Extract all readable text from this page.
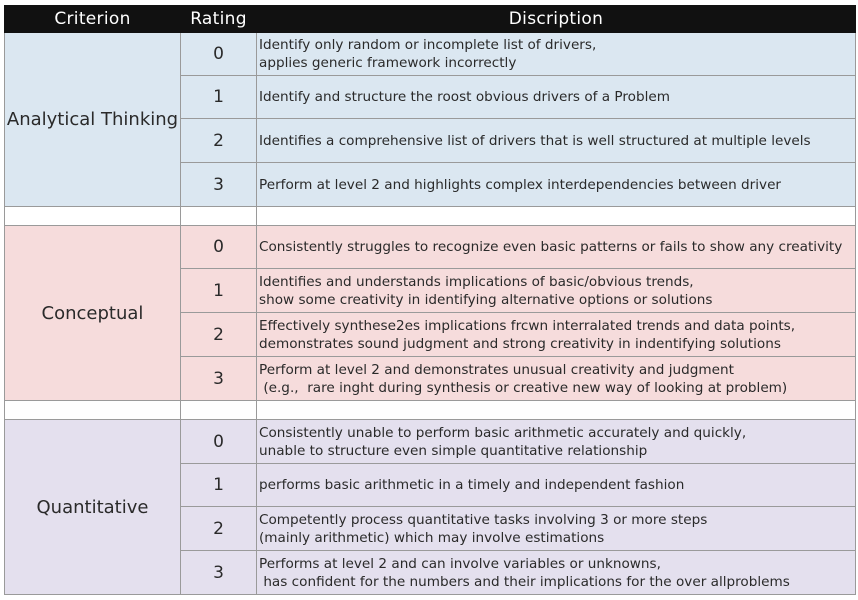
Criterion	Rating	Discription
Analytical Thinking	0	Identify only random or incomplete list of drivers,
applies generic framework incorrectly

	1	Identify and structure the roost obvious drivers of a Problem

	2	Identifies a comprehensive list of drivers that is well structured at multiple levels

	3	Perform at level 2 and highlights complex interdependencies between driver

Conceptual	0	Consistently struggles to recognize even basic patterns or fails to show any creativity

	1	Identifies and understands implications of basic/obvious trends,
show some creativity in identifying alternative options or solutions

	2	Effectively synthese2es implications frcwn interralated trends and data points,
demonstrates sound judgment and strong creativity in indentifying solutions

	3	Perform at level 2 and demonstrates unusual creativity and judgment
(e.g.,  rare inght during synthesis or creative new way of looking at problem)

Quantitative	0	Consistently unable to perform basic arithmetic accurately and quickly,
unable to structure even simple quantitative relationship

	1	performs basic arithmetic in a timely and independent fashion

	2	Competently process quantitative tasks involving 3 or more steps
(mainly arithmetic) which may involve estimations

	3	Performs at level 2 and can involve variables or unknowns,
has confident for the numbers and their implications for the over allproblems
